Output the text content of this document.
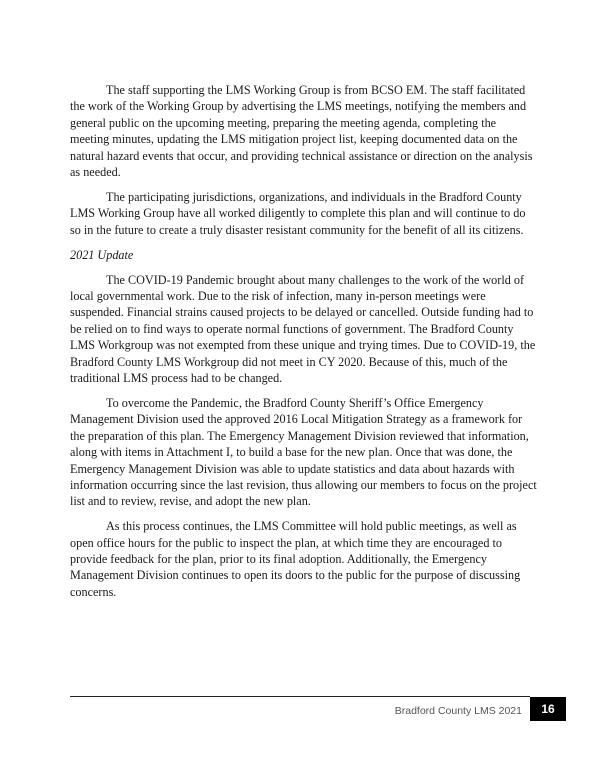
The staff supporting the LMS Working Group is from BCSO EM. The staff facilitated the work of the Working Group by advertising the LMS meetings, notifying the members and general public on the upcoming meeting, preparing the meeting agenda, completing the meeting minutes, updating the LMS mitigation project list, keeping documented data on the natural hazard events that occur, and providing technical assistance or direction on the analysis as needed.

The participating jurisdictions, organizations, and individuals in the Bradford County LMS Working Group have all worked diligently to complete this plan and will continue to do so in the future to create a truly disaster resistant community for the benefit of all its citizens.

2021 Update

The COVID-19 Pandemic brought about many challenges to the work of the world of local governmental work. Due to the risk of infection, many in-person meetings were suspended. Financial strains caused projects to be delayed or cancelled. Outside funding had to be relied on to find ways to operate normal functions of government. The Bradford County LMS Workgroup was not exempted from these unique and trying times. Due to COVID-19, the Bradford County LMS Workgroup did not meet in CY 2020. Because of this, much of the traditional LMS process had to be changed.

To overcome the Pandemic, the Bradford County Sheriff’s Office Emergency Management Division used the approved 2016 Local Mitigation Strategy as a framework for the preparation of this plan. The Emergency Management Division reviewed that information, along with items in Attachment I, to build a base for the new plan. Once that was done, the Emergency Management Division was able to update statistics and data about hazards with information occurring since the last revision, thus allowing our members to focus on the project list and to review, revise, and adopt the new plan.

As this process continues, the LMS Committee will hold public meetings, as well as open office hours for the public to inspect the plan, at which time they are encouraged to provide feedback for the plan, prior to its final adoption. Additionally, the Emergency Management Division continues to open its doors to the public for the purpose of discussing concerns.

Bradford County LMS 2021	16
